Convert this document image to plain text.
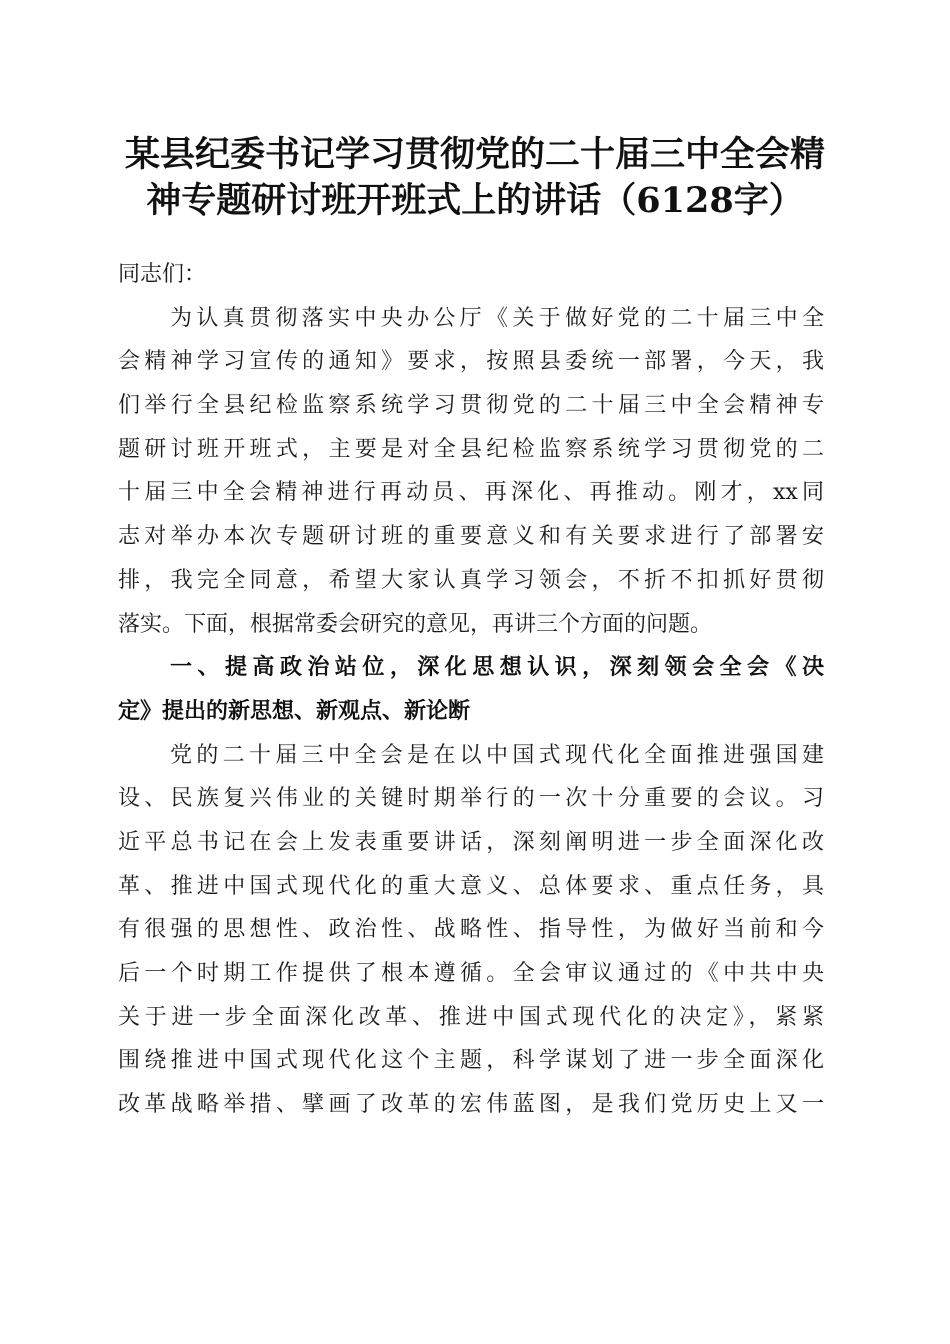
某县纪委书记学习贯彻党的二十届三中全会精
神专题研讨班开班式上的讲话（6128字）
同志们：
为认真贯彻落实中央办公厅《关于做好党的二十届三中全
会精神学习宣传的通知》要求，按照县委统一部署，今天，我
们举行全县纪检监察系统学习贯彻党的二十届三中全会精神专
题研讨班开班式，主要是对全县纪检监察系统学习贯彻党的二
十届三中全会精神进行再动员、再深化、再推动。刚才，xx同
志对举办本次专题研讨班的重要意义和有关要求进行了部署安
排，我完全同意，希望大家认真学习领会，不折不扣抓好贯彻
落实。下面，根据常委会研究的意见，再讲三个方面的问题。
一、提高政治站位，深化思想认识，深刻领会全会《决
定》提出的新思想、新观点、新论断
党的二十届三中全会是在以中国式现代化全面推进强国建
设、民族复兴伟业的关键时期举行的一次十分重要的会议。习
近平总书记在会上发表重要讲话，深刻阐明进一步全面深化改
革、推进中国式现代化的重大意义、总体要求、重点任务，具
有很强的思想性、政治性、战略性、指导性，为做好当前和今
后一个时期工作提供了根本遵循。全会审议通过的《中共中央
关于进一步全面深化改革、推进中国式现代化的决定》，紧紧
围绕推进中国式现代化这个主题，科学谋划了进一步全面深化
改革战略举措、擘画了改革的宏伟蓝图，是我们党历史上又一
